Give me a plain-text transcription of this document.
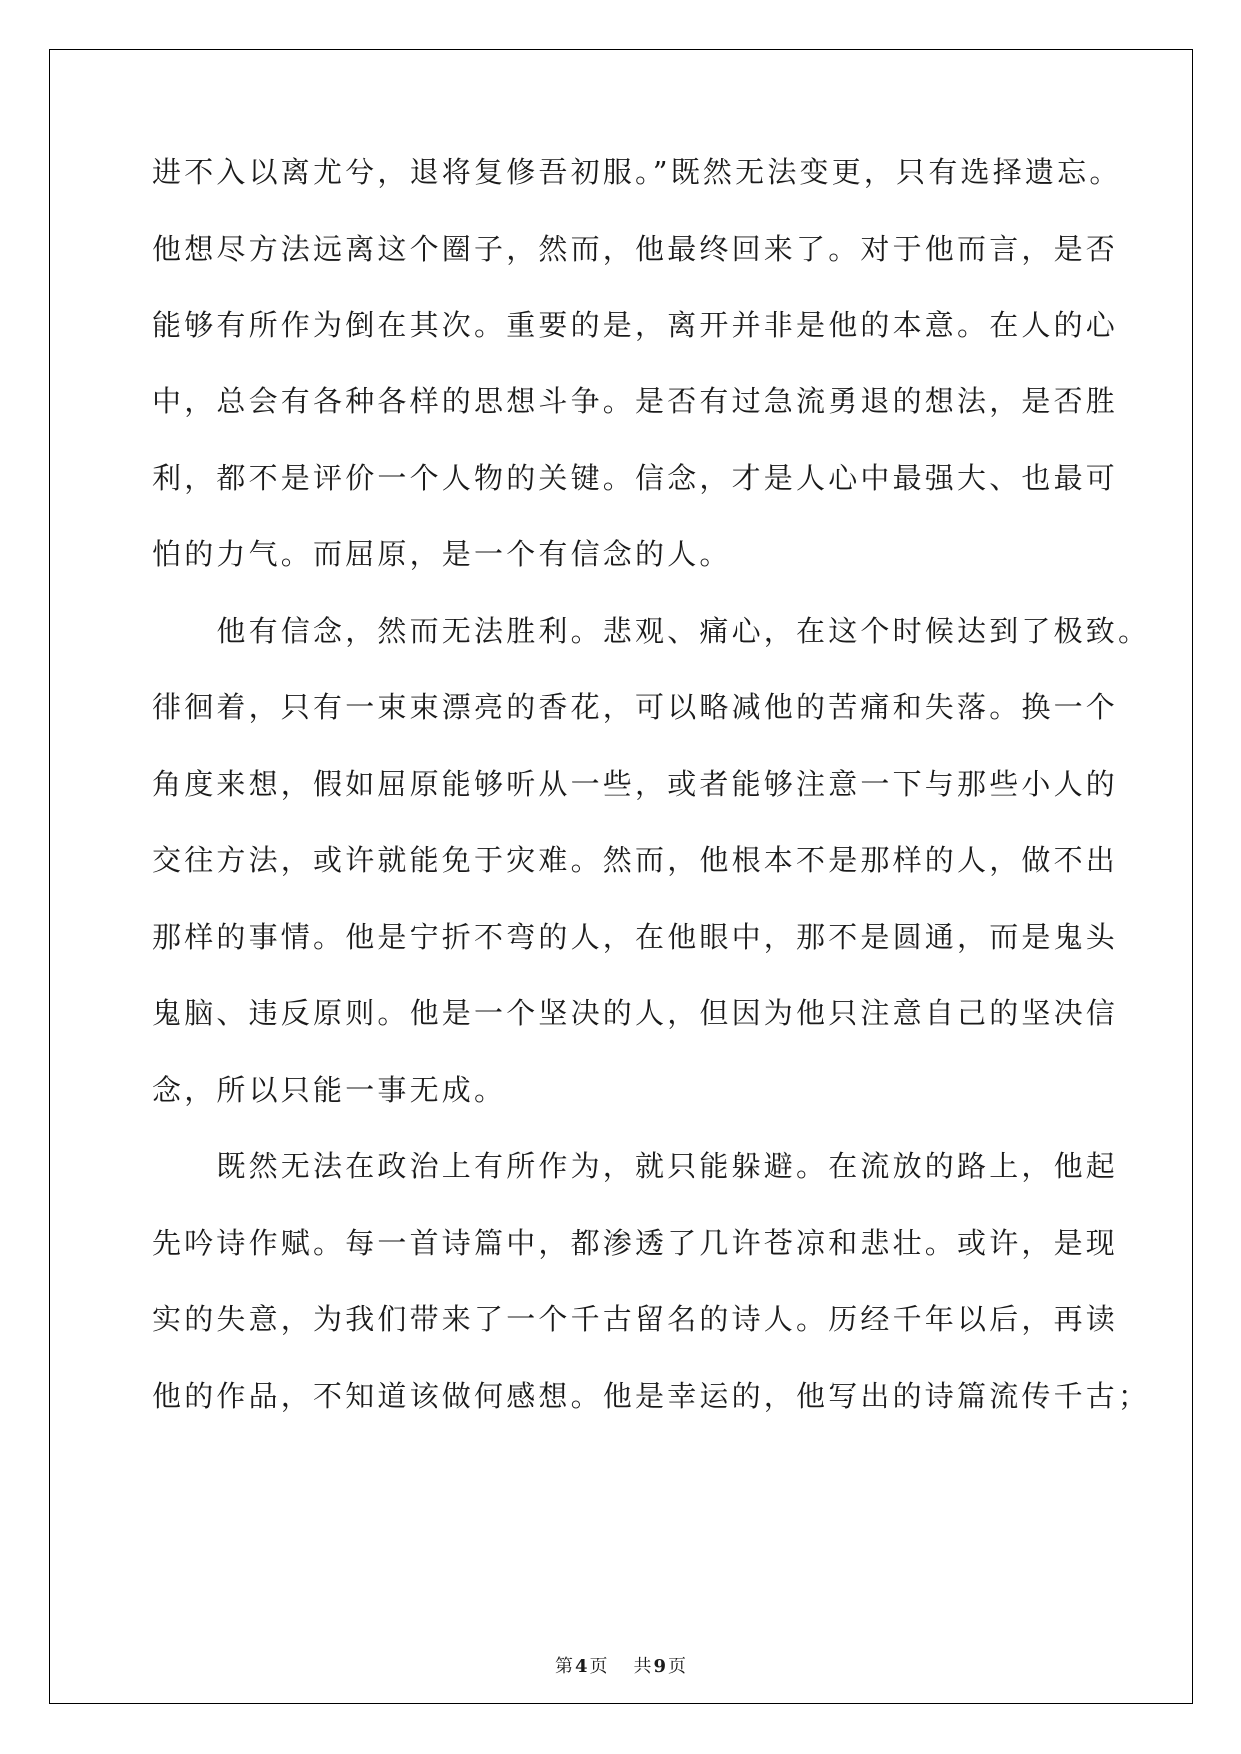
进不入以离尤兮，退将复修吾初服。”既然无法变更，只有选择遗忘。
他想尽方法远离这个圈子，然而，他最终回来了。对于他而言，是否
能够有所作为倒在其次。重要的是，离开并非是他的本意。在人的心
中，总会有各种各样的思想斗争。是否有过急流勇退的想法，是否胜
利，都不是评价一个人物的关键。信念，才是人心中最强大、也最可
怕的力气。而屈原，是一个有信念的人。
　　他有信念，然而无法胜利。悲观、痛心，在这个时候达到了极致。
徘徊着，只有一束束漂亮的香花，可以略减他的苦痛和失落。换一个
角度来想，假如屈原能够听从一些，或者能够注意一下与那些小人的
交往方法，或许就能免于灾难。然而，他根本不是那样的人，做不出
那样的事情。他是宁折不弯的人，在他眼中，那不是圆通，而是鬼头
鬼脑、违反原则。他是一个坚决的人，但因为他只注意自己的坚决信
念，所以只能一事无成。
　　既然无法在政治上有所作为，就只能躲避。在流放的路上，他起
先吟诗作赋。每一首诗篇中，都渗透了几许苍凉和悲壮。或许，是现
实的失意，为我们带来了一个千古留名的诗人。历经千年以后，再读
他的作品，不知道该做何感想。他是幸运的，他写出的诗篇流传千古；
第 4 页 共 9 页
